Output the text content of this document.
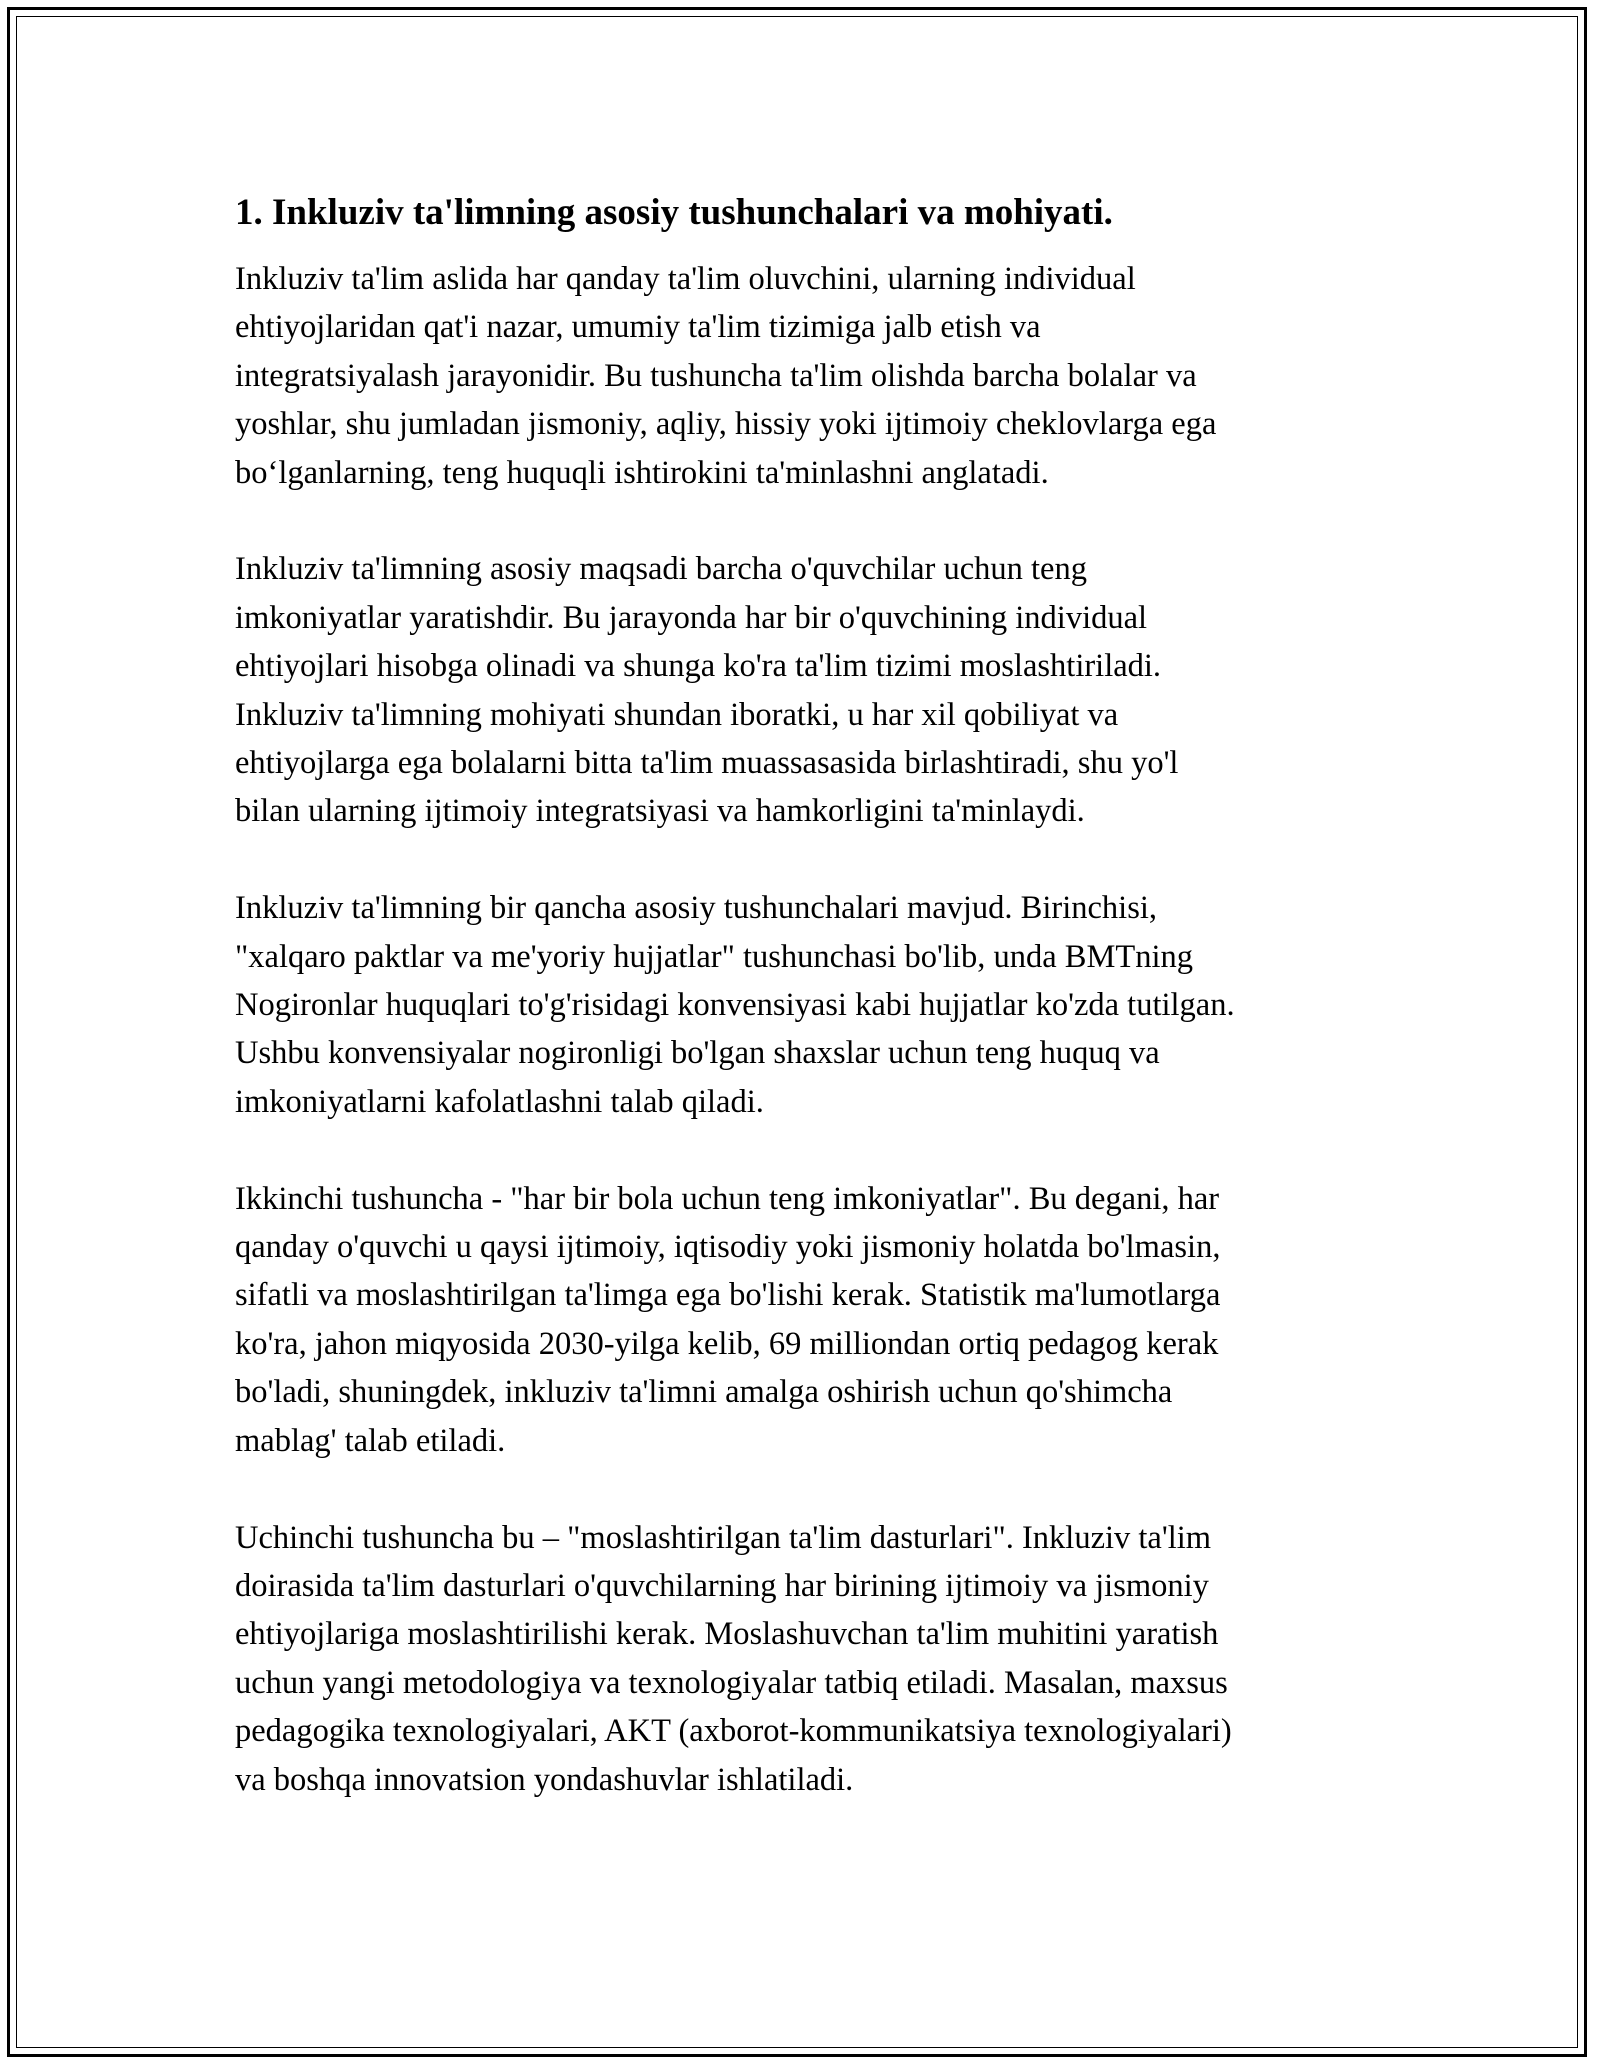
1. Inkluziv ta'limning asosiy tushunchalari va mohiyati.
Inkluziv ta'lim aslida har qanday ta'lim oluvchini, ularning individual
ehtiyojlaridan qat'i nazar, umumiy ta'lim tizimiga jalb etish va
integratsiyalash jarayonidir. Bu tushuncha ta'lim olishda barcha bolalar va
yoshlar, shu jumladan jismoniy, aqliy, hissiy yoki ijtimoiy cheklovlarga ega
bo‘lganlarning, teng huquqli ishtirokini ta'minlashni anglatadi.
Inkluziv ta'limning asosiy maqsadi barcha o'quvchilar uchun teng
imkoniyatlar yaratishdir. Bu jarayonda har bir o'quvchining individual
ehtiyojlari hisobga olinadi va shunga ko'ra ta'lim tizimi moslashtiriladi.
Inkluziv ta'limning mohiyati shundan iboratki, u har xil qobiliyat va
ehtiyojlarga ega bolalarni bitta ta'lim muassasasida birlashtiradi, shu yo'l
bilan ularning ijtimoiy integratsiyasi va hamkorligini ta'minlaydi.
Inkluziv ta'limning bir qancha asosiy tushunchalari mavjud. Birinchisi,
"xalqaro paktlar va me'yoriy hujjatlar" tushunchasi bo'lib, unda BMTning
Nogironlar huquqlari to'g'risidagi konvensiyasi kabi hujjatlar ko'zda tutilgan.
Ushbu konvensiyalar nogironligi bo'lgan shaxslar uchun teng huquq va
imkoniyatlarni kafolatlashni talab qiladi.
Ikkinchi tushuncha - "har bir bola uchun teng imkoniyatlar". Bu degani, har
qanday o'quvchi u qaysi ijtimoiy, iqtisodiy yoki jismoniy holatda bo'lmasin,
sifatli va moslashtirilgan ta'limga ega bo'lishi kerak. Statistik ma'lumotlarga
ko'ra, jahon miqyosida 2030-yilga kelib, 69 milliondan ortiq pedagog kerak
bo'ladi, shuningdek, inkluziv ta'limni amalga oshirish uchun qo'shimcha
mablag' talab etiladi.
Uchinchi tushuncha bu – "moslashtirilgan ta'lim dasturlari". Inkluziv ta'lim
doirasida ta'lim dasturlari o'quvchilarning har birining ijtimoiy va jismoniy
ehtiyojlariga moslashtirilishi kerak. Moslashuvchan ta'lim muhitini yaratish
uchun yangi metodologiya va texnologiyalar tatbiq etiladi. Masalan, maxsus
pedagogika texnologiyalari, AKT (axborot-kommunikatsiya texnologiyalari)
va boshqa innovatsion yondashuvlar ishlatiladi.
